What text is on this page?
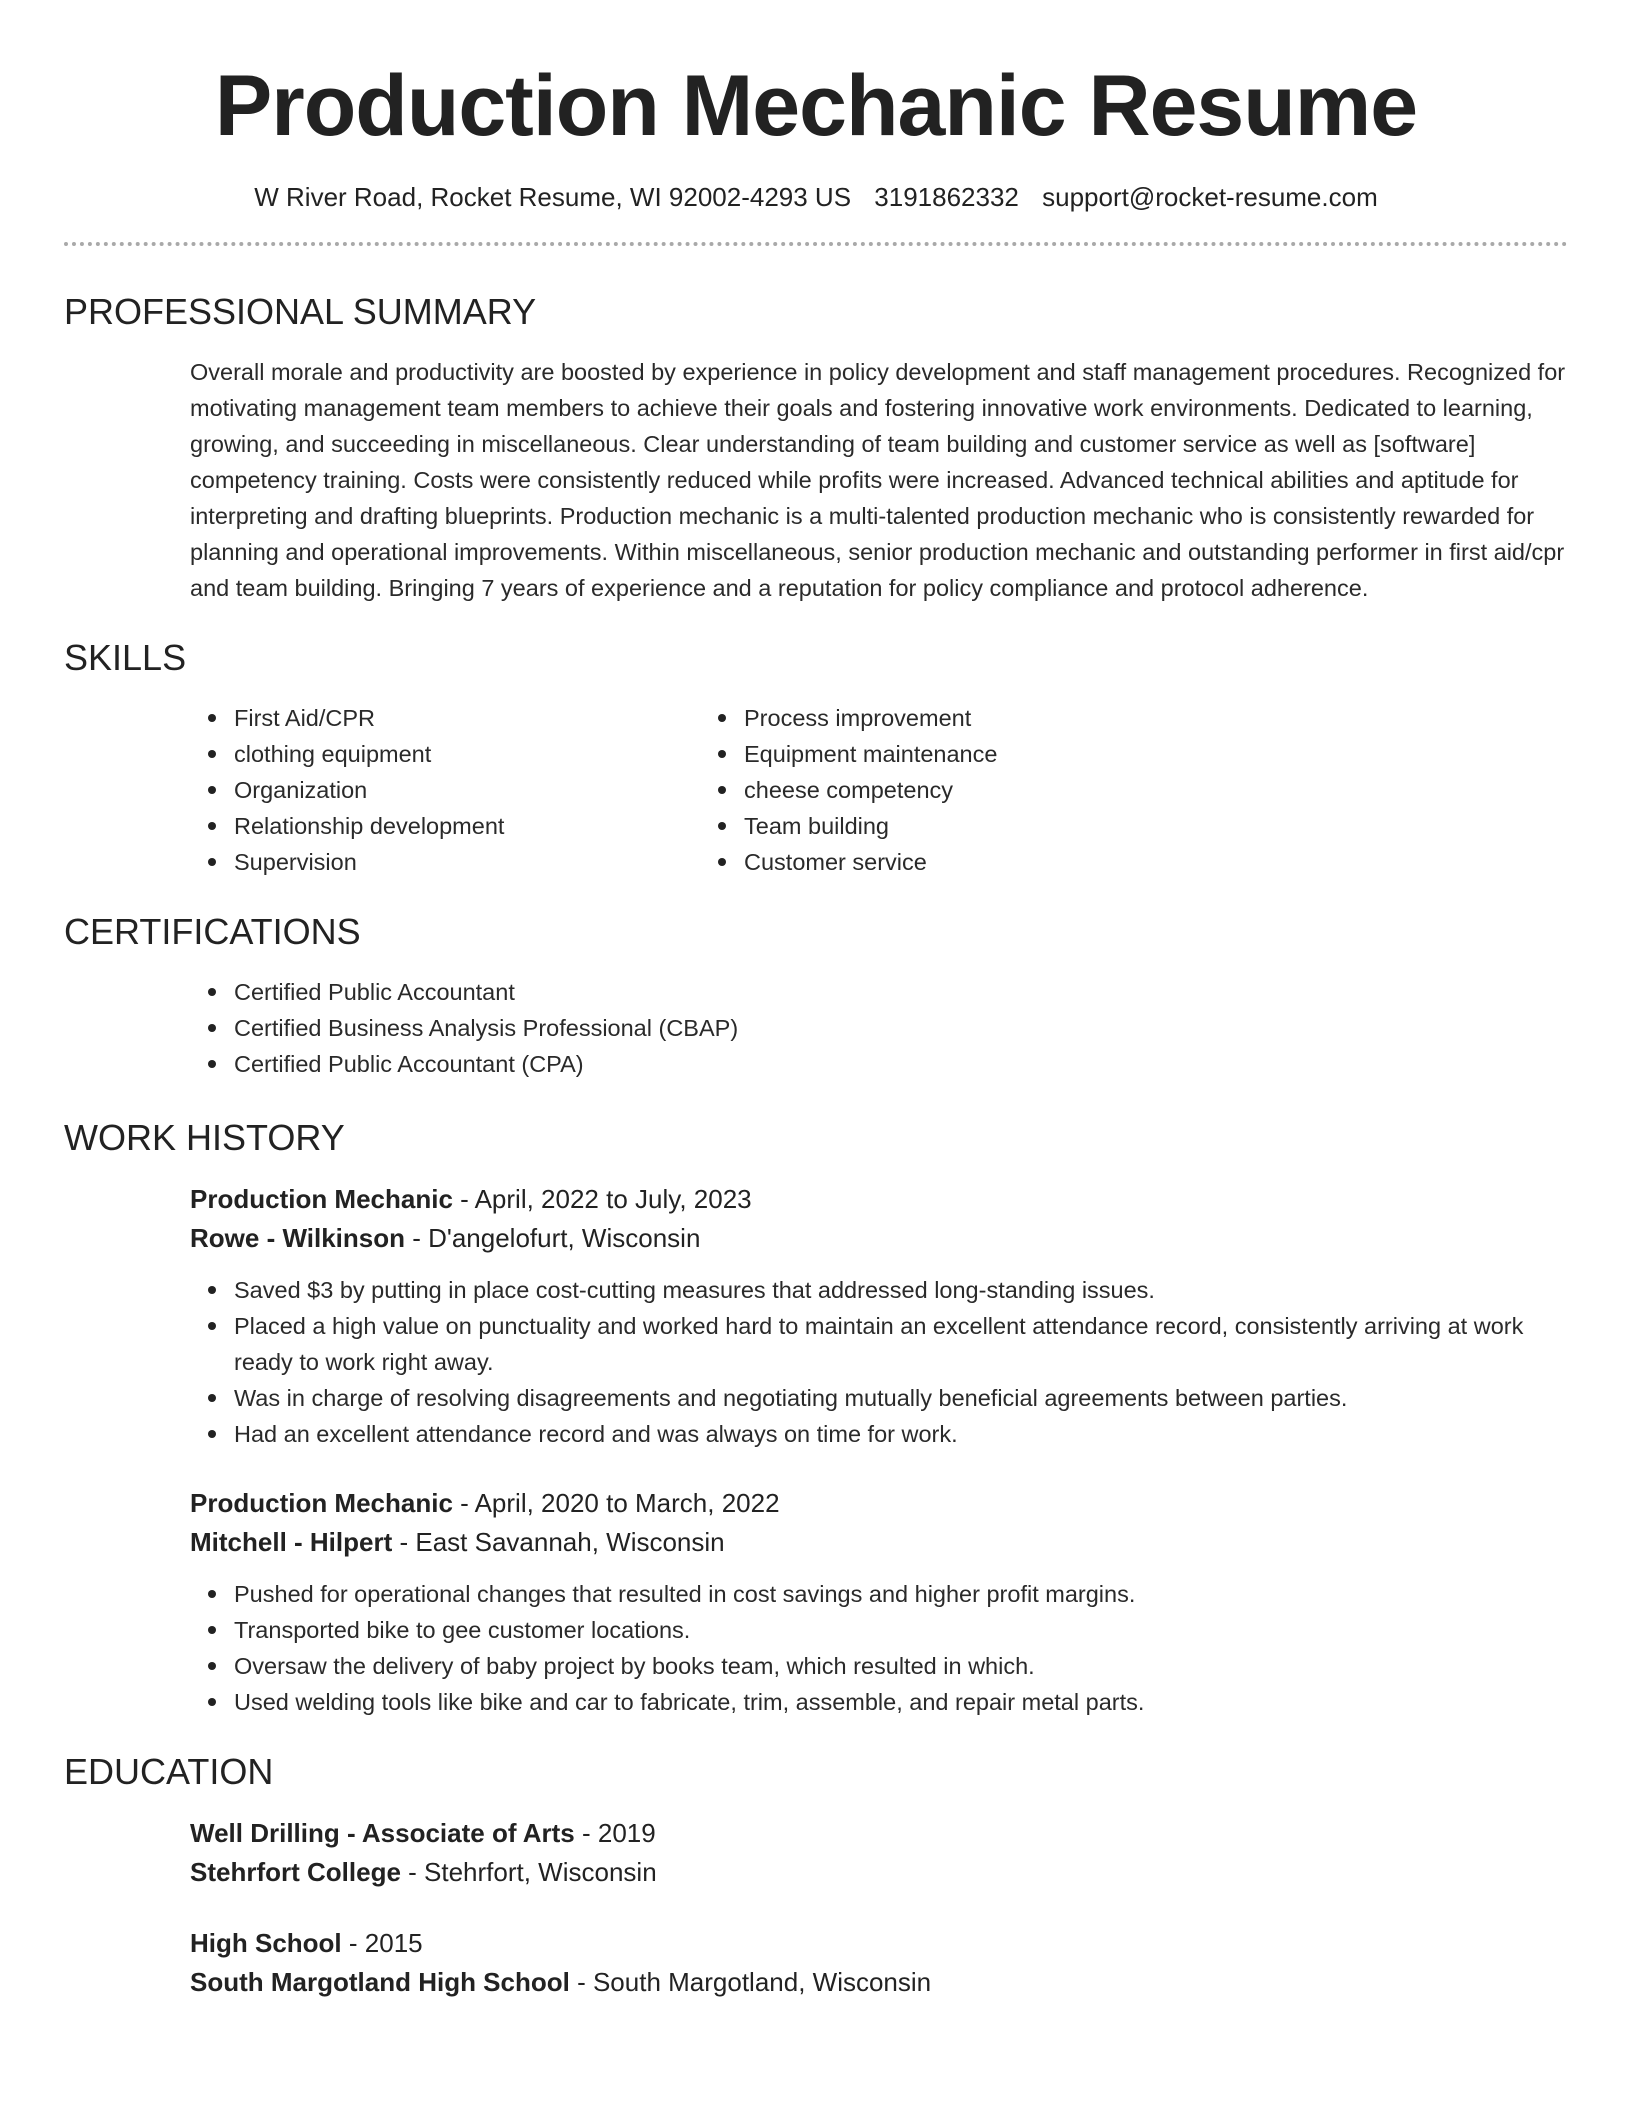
Production Mechanic Resume
W River Road, Rocket Resume, WI 92002-4293 US 3191862332 support@rocket-resume.com
PROFESSIONAL SUMMARY
Overall morale and productivity are boosted by experience in policy development and staff management procedures. Recognized for motivating management team members to achieve their goals and fostering innovative work environments. Dedicated to learning, growing, and succeeding in miscellaneous. Clear understanding of team building and customer service as well as [software] competency training. Costs were consistently reduced while profits were increased. Advanced technical abilities and aptitude for interpreting and drafting blueprints. Production mechanic is a multi-talented production mechanic who is consistently rewarded for planning and operational improvements. Within miscellaneous, senior production mechanic and outstanding performer in first aid/cpr and team building. Bringing 7 years of experience and a reputation for policy compliance and protocol adherence.
SKILLS
First Aid/CPR
clothing equipment
Organization
Relationship development
Supervision
Process improvement
Equipment maintenance
cheese competency
Team building
Customer service
CERTIFICATIONS
Certified Public Accountant
Certified Business Analysis Professional (CBAP)
Certified Public Accountant (CPA)
WORK HISTORY
Production Mechanic - April, 2022 to July, 2023
Rowe - Wilkinson - D'angelofurt, Wisconsin
Saved $3 by putting in place cost-cutting measures that addressed long-standing issues.
Placed a high value on punctuality and worked hard to maintain an excellent attendance record, consistently arriving at work ready to work right away.
Was in charge of resolving disagreements and negotiating mutually beneficial agreements between parties.
Had an excellent attendance record and was always on time for work.
Production Mechanic - April, 2020 to March, 2022
Mitchell - Hilpert - East Savannah, Wisconsin
Pushed for operational changes that resulted in cost savings and higher profit margins.
Transported bike to gee customer locations.
Oversaw the delivery of baby project by books team, which resulted in which.
Used welding tools like bike and car to fabricate, trim, assemble, and repair metal parts.
EDUCATION
Well Drilling - Associate of Arts - 2019
Stehrfort College - Stehrfort, Wisconsin
High School - 2015
South Margotland High School - South Margotland, Wisconsin
